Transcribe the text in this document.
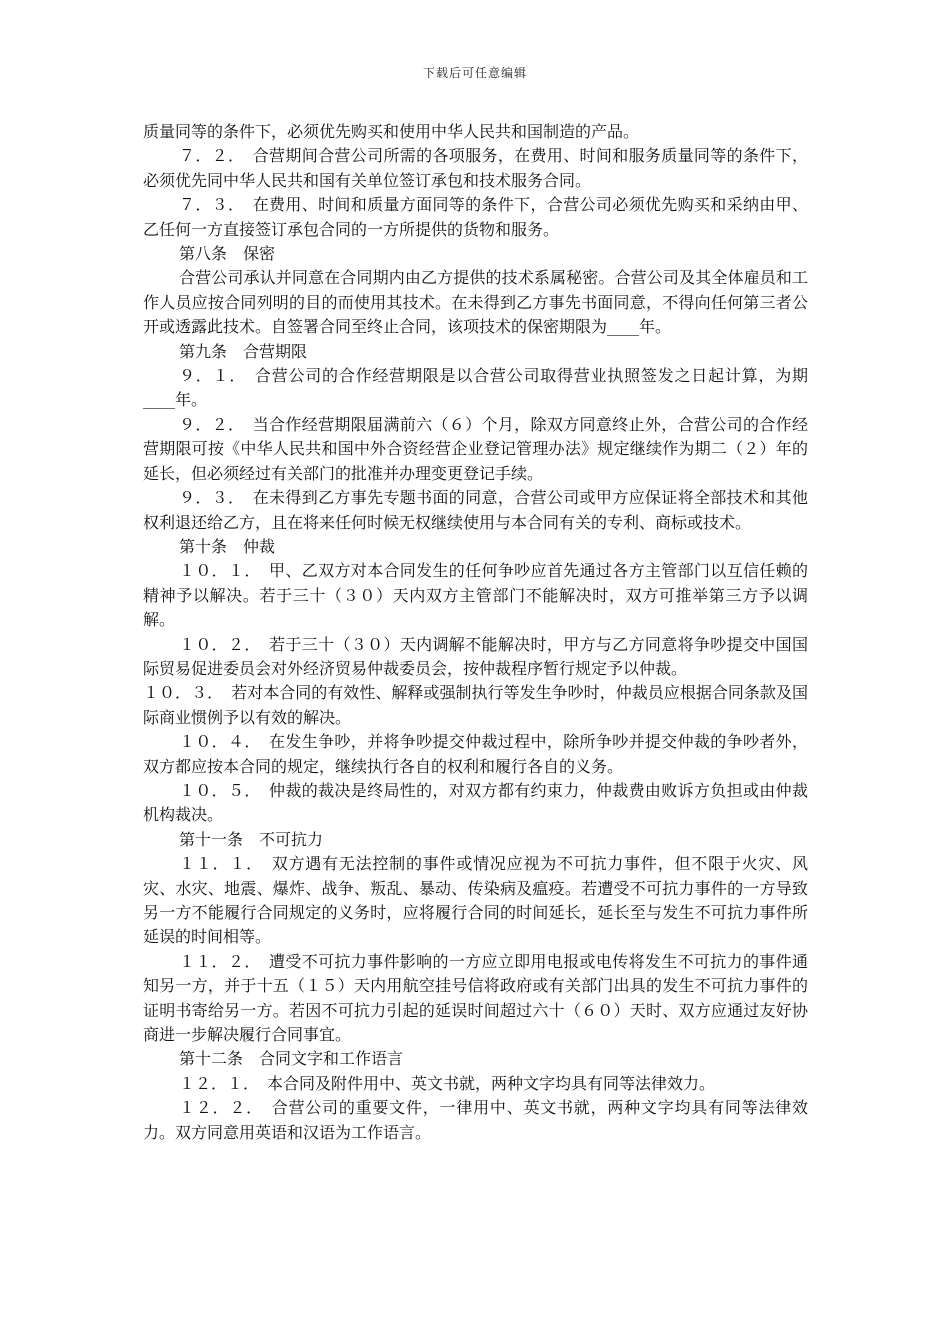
下载后可任意编辑

质量同等的条件下，必须优先购买和使用中华人民共和国制造的产品。

７．２．　合营期间合营公司所需的各项服务，在费用、时间和服务质量同等的条件下，必须优先同中华人民共和国有关单位签订承包和技术服务合同。

７．３．　在费用、时间和质量方面同等的条件下，合营公司必须优先购买和采纳由甲、乙任何一方直接签订承包合同的一方所提供的货物和服务。

第八条　保密

合营公司承认并同意在合同期内由乙方提供的技术系属秘密。合营公司及其全体雇员和工作人员应按合同列明的目的而使用其技术。在未得到乙方事先书面同意，不得向任何第三者公开或透露此技术。自签署合同至终止合同，该项技术的保密期限为____年。

第九条　合营期限

９．１．　合营公司的合作经营期限是以合营公司取得营业执照签发之日起计算，为期____年。

９．２．　当合作经营期限届满前六（６）个月，除双方同意终止外，合营公司的合作经营期限可按《中华人民共和国中外合资经营企业登记管理办法》规定继续作为期二（２）年的延长，但必须经过有关部门的批准并办理变更登记手续。

９．３．　在未得到乙方事先专题书面的同意，合营公司或甲方应保证将全部技术和其他权利退还给乙方，且在将来任何时候无权继续使用与本合同有关的专利、商标或技术。

第十条　仲裁

１０．１．　甲、乙双方对本合同发生的任何争吵应首先通过各方主管部门以互信任赖的精神予以解决。若于三十（３０）天内双方主管部门不能解决时，双方可推举第三方予以调解。

１０．２．　若于三十（３０）天内调解不能解决时，甲方与乙方同意将争吵提交中国国际贸易促进委员会对外经济贸易仲裁委员会，按仲裁程序暂行规定予以仲裁。

１０．３．　若对本合同的有效性、解释或强制执行等发生争吵时，仲裁员应根据合同条款及国际商业惯例予以有效的解决。

１０．４．　在发生争吵，并将争吵提交仲裁过程中，除所争吵并提交仲裁的争吵者外，双方都应按本合同的规定，继续执行各自的权利和履行各自的义务。

１０．５．　仲裁的裁决是终局性的，对双方都有约束力，仲裁费由败诉方负担或由仲裁机构裁决。

第十一条　不可抗力

１１．１．　双方遇有无法控制的事件或情况应视为不可抗力事件，但不限于火灾、风灾、水灾、地震、爆炸、战争、叛乱、暴动、传染病及瘟疫。若遭受不可抗力事件的一方导致另一方不能履行合同规定的义务时，应将履行合同的时间延长，延长至与发生不可抗力事件所延误的时间相等。

１１．２．　遭受不可抗力事件影响的一方应立即用电报或电传将发生不可抗力的事件通知另一方，并于十五（１５）天内用航空挂号信将政府或有关部门出具的发生不可抗力事件的证明书寄给另一方。若因不可抗力引起的延误时间超过六十（６０）天时、双方应通过友好协商进一步解决履行合同事宜。

第十二条　合同文字和工作语言

１２．１．　本合同及附件用中、英文书就，两种文字均具有同等法律效力。

１２．２．　合营公司的重要文件，一律用中、英文书就，两种文字均具有同等法律效力。双方同意用英语和汉语为工作语言。
